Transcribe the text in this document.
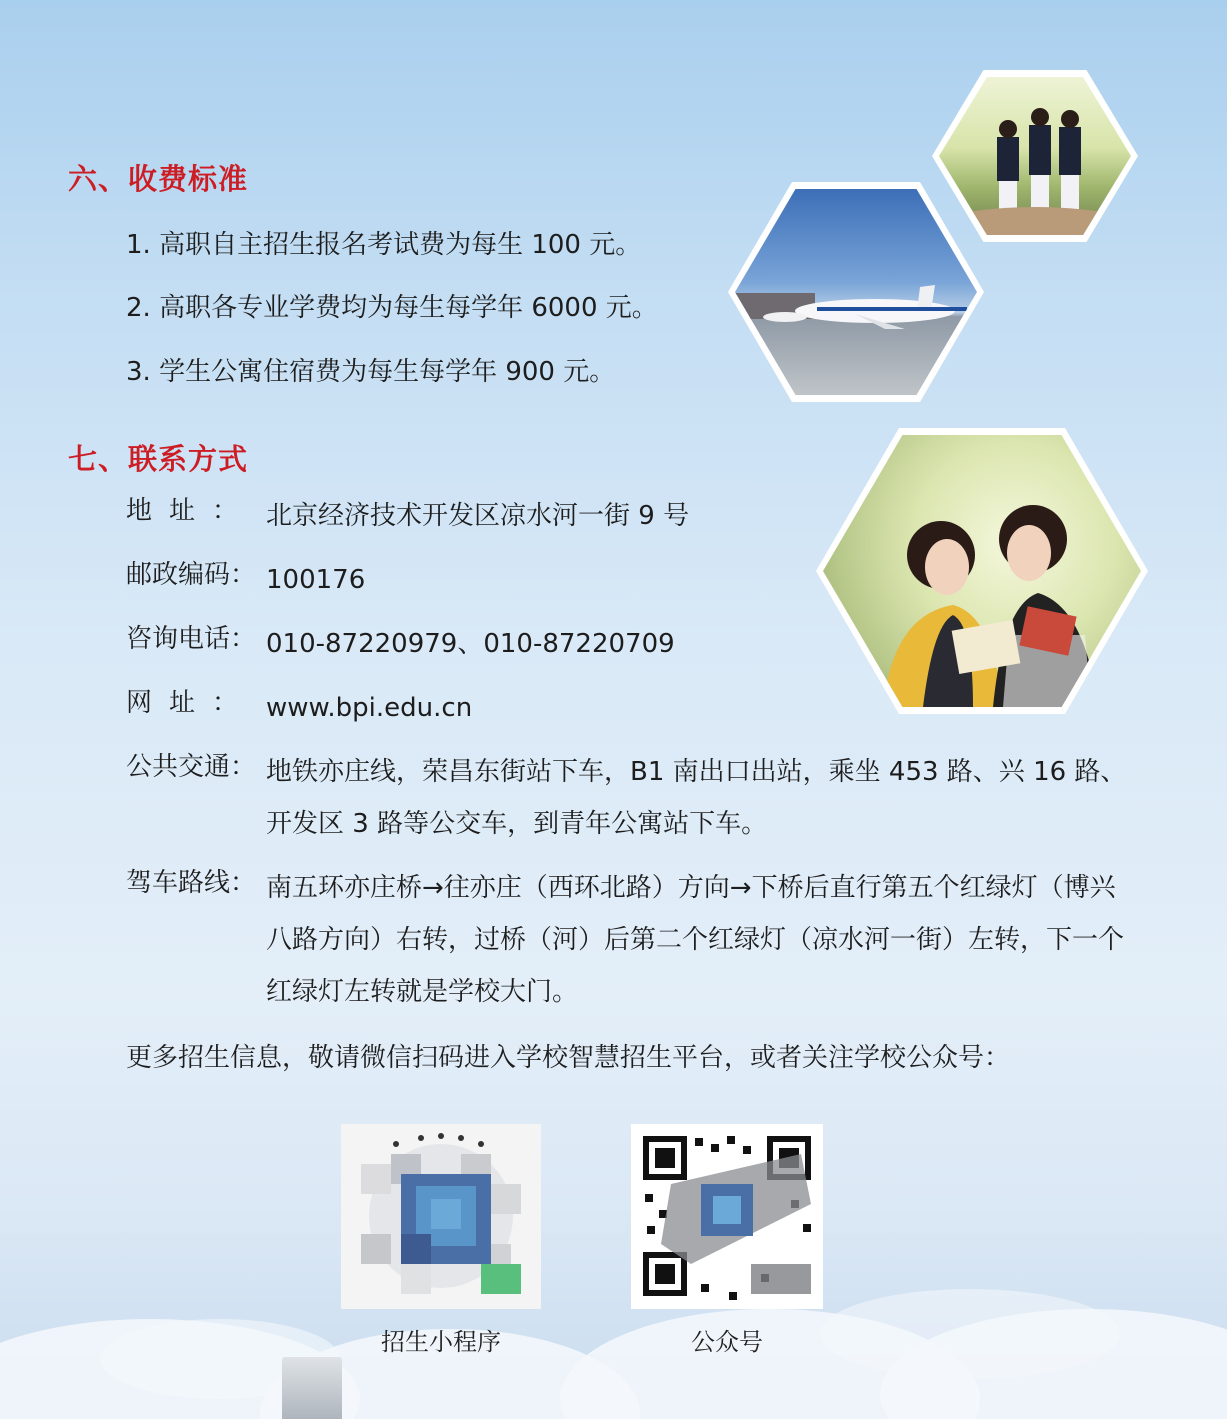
六、收费标准
1. 高职自主招生报名考试费为每生 100 元。
2. 高职各专业学费均为每生每学年 6000 元。
3. 学生公寓住宿费为每生每学年 900 元。
七、联系方式
地址：	北京经济技术开发区凉水河一街 9 号
邮政编码： 100176
咨询电话： 010-87220979、010-87220709
网址：	www.bpi.edu.cn
公共交通： 地铁亦庄线，荣昌东街站下车，B1 南出口出站，乘坐 453 路、兴 16 路、开发区 3 路等公交车，到青年公寓站下车。
驾车路线： 南五环亦庄桥→往亦庄（西环北路）方向→下桥后直行第五个红绿灯（博兴八路方向）右转，过桥（河）后第二个红绿灯（凉水河一街）左转，下一个红绿灯左转就是学校大门。
更多招生信息，敬请微信扫码进入学校智慧招生平台，或者关注学校公众号：
招生小程序	公众号
